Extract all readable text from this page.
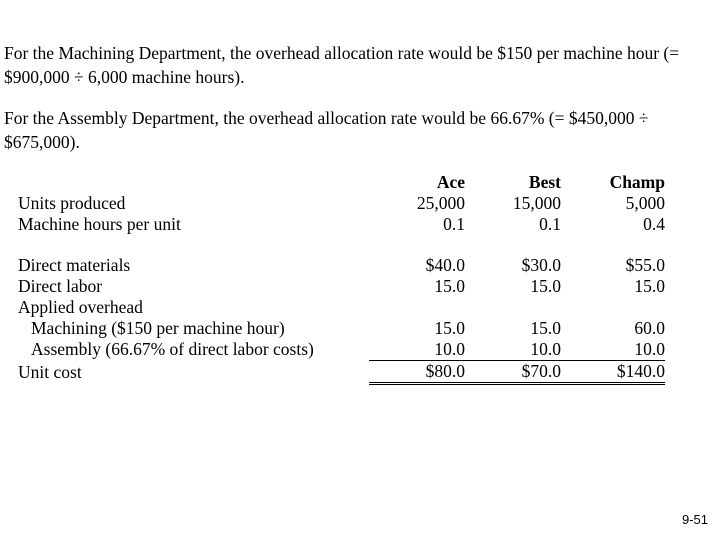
For the Machining Department, the overhead allocation rate would be $150 per machine hour (= $900,000 ÷ 6,000 machine hours).

For the Assembly Department, the overhead allocation rate would be 66.67% (= $450,000 ÷ $675,000).

	Ace	Best	Champ
Units produced	25,000	15,000	5,000
Machine hours per unit	0.1	0.1	0.4

Direct materials	$40.0	$30.0	$55.0
Direct labor	15.0	15.0	15.0
Applied overhead			
Machining ($150 per machine hour)	15.0	15.0	60.0
Assembly (66.67% of direct labor costs)	10.0	10.0	10.0
Unit cost	$80.0	$70.0	$140.0
9-51
